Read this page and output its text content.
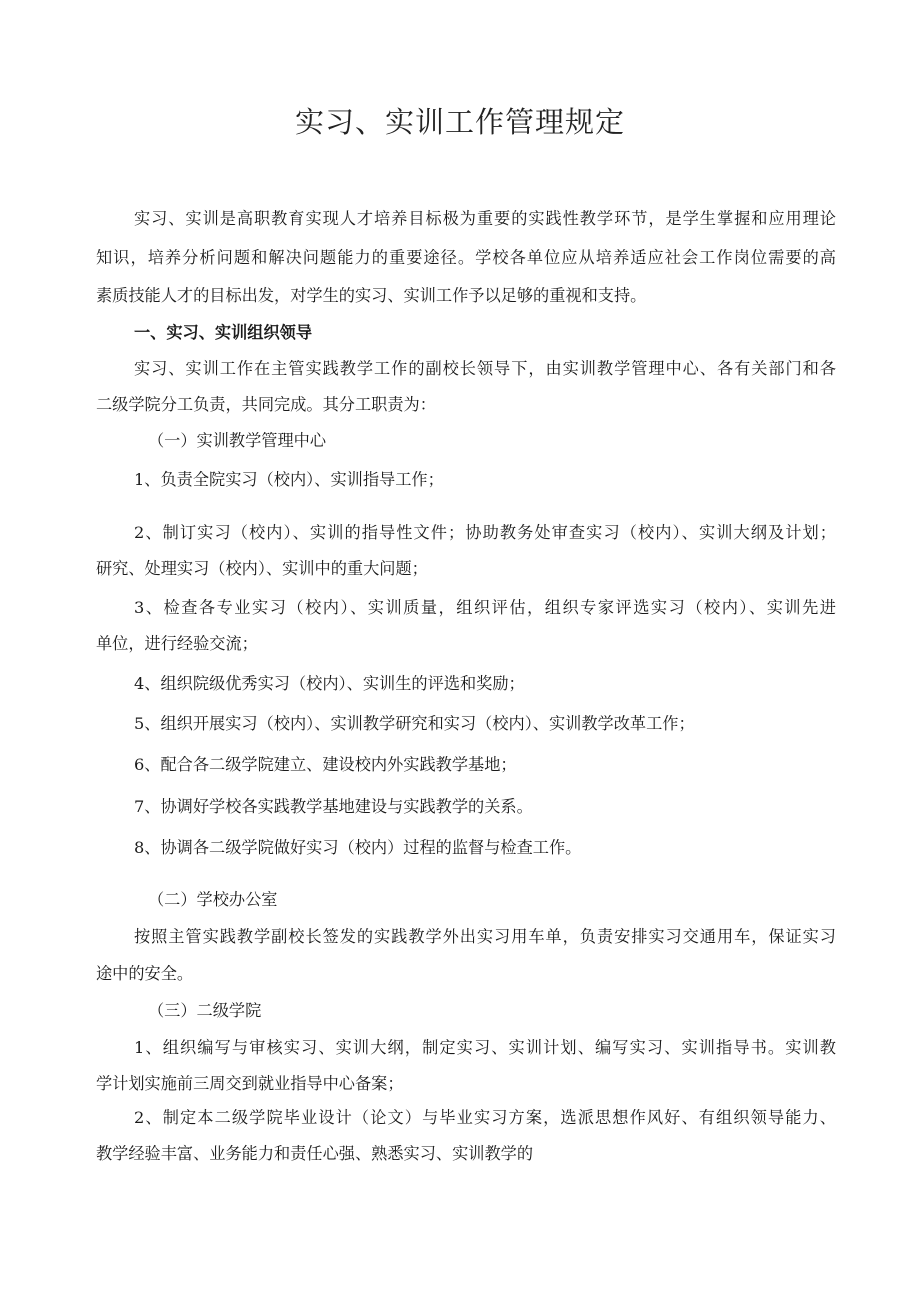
实习、实训工作管理规定
实习、实训是高职教育实现人才培养目标极为重要的实践性教学环节，是学生掌握和应用理论
知识，培养分析问题和解决问题能力的重要途径。学校各单位应从培养适应社会工作岗位需要的高
素质技能人才的目标出发，对学生的实习、实训工作予以足够的重视和支持。
一、实习、实训组织领导
实习、实训工作在主管实践教学工作的副校长领导下，由实训教学管理中心、各有关部门和各
二级学院分工负责，共同完成。其分工职责为：
（一）实训教学管理中心
1、负责全院实习（校内）、实训指导工作；
2、制订实习（校内）、实训的指导性文件；协助教务处审查实习（校内）、实训大纲及计划；
研究、处理实习（校内）、实训中的重大问题；
3、检查各专业实习（校内）、实训质量，组织评估，组织专家评选实习（校内）、实训先进
单位，进行经验交流；
4、组织院级优秀实习（校内）、实训生的评选和奖励；
5、组织开展实习（校内）、实训教学研究和实习（校内）、实训教学改革工作；
6、配合各二级学院建立、建设校内外实践教学基地；
7、协调好学校各实践教学基地建设与实践教学的关系。
8、协调各二级学院做好实习（校内）过程的监督与检查工作。
（二）学校办公室
按照主管实践教学副校长签发的实践教学外出实习用车单，负责安排实习交通用车，保证实习
途中的安全。
（三）二级学院
1、组织编写与审核实习、实训大纲，制定实习、实训计划、编写实习、实训指导书。实训教
学计划实施前三周交到就业指导中心备案；
2、制定本二级学院毕业设计（论文）与毕业实习方案，选派思想作风好、有组织领导能力、
教学经验丰富、业务能力和责任心强、熟悉实习、实训教学的
